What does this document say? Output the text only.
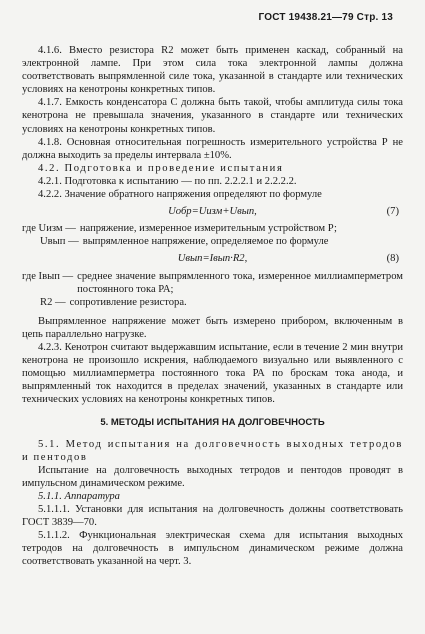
ГОСТ 19438.21—79 Стр. 13

4.1.6. Вместо резистора R2 может быть применен каскад, собранный на электронной лампе. При этом сила тока электронной лампы должна соответствовать выпрямленной силе тока, указанной в стандарте или технических условиях на кенотроны конкретных типов.

4.1.7. Емкость конденсатора С должна быть такой, чтобы амплитуда силы тока кенотрона не превышала значения, указанного в стандарте или технических условиях на кенотроны конкретных типов.

4.1.8. Основная относительная погрешность измерительного устройства Р не должна выходить за пределы интервала ±10%.

4.2. Подготовка и проведение испытания

4.2.1. Подготовка к испытанию — по пп. 2.2.2.1 и 2.2.2.2.

4.2.2. Значение обратного напряжения определяют по формуле

Uобр=Uизм+Uвып,	(7)
где Uизм — напряжение, измеренное измерительным устройством Р;
Uвып — выпрямленное напряжение, определяемое по формуле
Uвып=Iвып·R2,	(8)
где Iвып — среднее значение выпрямленного тока, измеренное миллиамперметром постоянного тока РА;
R2 — сопротивление резистора.

Выпрямленное напряжение может быть измерено прибором, включенным в цепь параллельно нагрузке.

4.2.3. Кенотрон считают выдержавшим испытание, если в течение 2 мин внутри кенотрона не произошло искрения, наблюдаемого визуально или выявленного с помощью миллиамперметра постоянного тока РА по броскам тока анода, и выпрямленный ток находится в пределах значений, указанных в стандарте или технических условиях на кенотроны конкретных типов.

5. МЕТОДЫ ИСПЫТАНИЯ НА ДОЛГОВЕЧНОСТЬ

5.1. Метод испытания на долговечность выходных тетродов и пентодов

Испытание на долговечность выходных тетродов и пентодов проводят в импульсном динамическом режиме.

5.1.1. Аппаратура

5.1.1.1. Установки для испытания на долговечность должны соответствовать ГОСТ 3839—70.

5.1.1.2. Функциональная электрическая схема для испытания выходных тетродов на долговечность в импульсном динамическом режиме должна соответствовать указанной на черт. 3.
